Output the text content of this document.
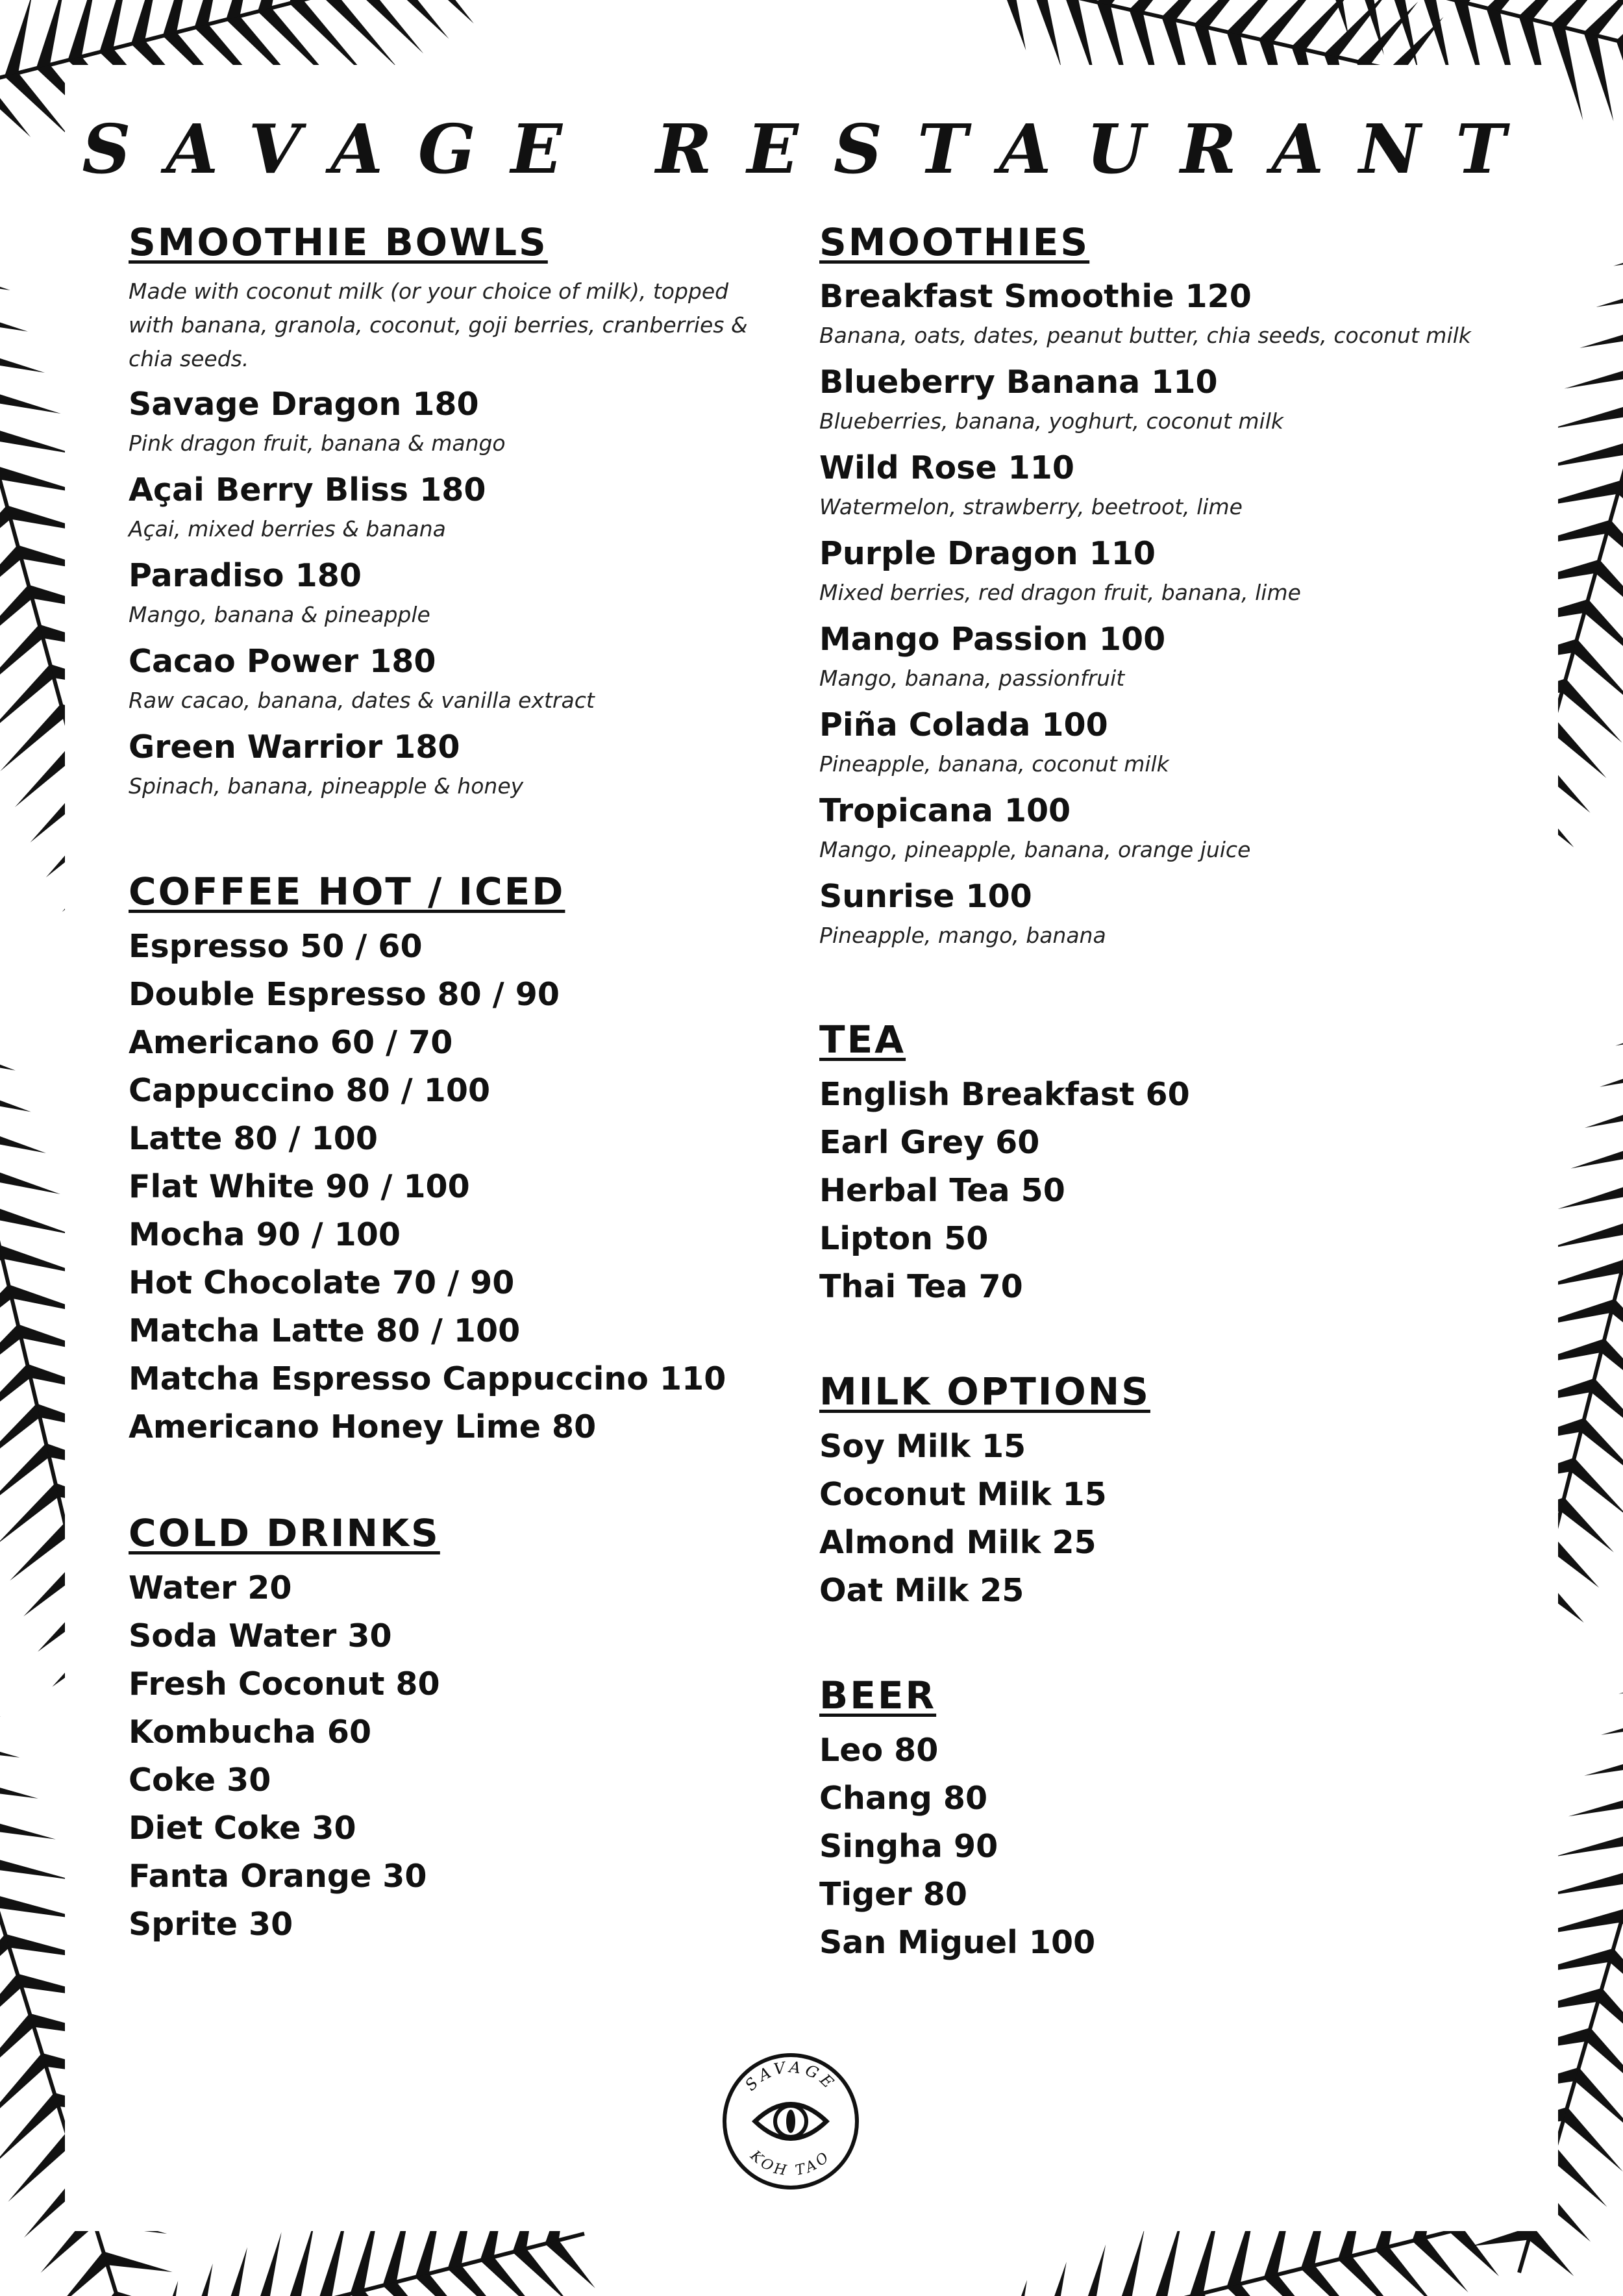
SAVAGE RESTAURANT
SMOOTHIE BOWLS
Made with coconut milk (or your choice of milk), topped with banana, granola, coconut, goji berries, cranberries & chia seeds.
Savage Dragon 180
Pink dragon fruit, banana & mango
Açai Berry Bliss 180
Açai, mixed berries & banana
Paradiso 180
Mango, banana & pineapple
Cacao Power 180
Raw cacao, banana, dates & vanilla extract
Green Warrior 180
Spinach, banana, pineapple & honey
COFFEE HOT / ICED
Espresso 50 / 60
Double Espresso 80 / 90
Americano 60 / 70
Cappuccino 80 / 100
Latte 80 / 100
Flat White 90 / 100
Mocha 90 / 100
Hot Chocolate 70 / 90
Matcha Latte 80 / 100
Matcha Espresso Cappuccino 110
Americano Honey Lime 80
COLD DRINKS
Water 20
Soda Water 30
Fresh Coconut 80
Kombucha 60
Coke 30
Diet Coke 30
Fanta Orange 30
Sprite 30
SMOOTHIES
Breakfast Smoothie 120
Banana, oats, dates, peanut butter, chia seeds, coconut milk
Blueberry Banana 110
Blueberries, banana, yoghurt, coconut milk
Wild Rose 110
Watermelon, strawberry, beetroot, lime
Purple Dragon 110
Mixed berries, red dragon fruit, banana, lime
Mango Passion 100
Mango, banana, passionfruit
Piña Colada 100
Pineapple, banana, coconut milk
Tropicana 100
Mango, pineapple, banana, orange juice
Sunrise 100
Pineapple, mango, banana
TEA
English Breakfast 60
Earl Grey 60
Herbal Tea 50
Lipton 50
Thai Tea 70
MILK OPTIONS
Soy Milk 15
Coconut Milk 15
Almond Milk 25
Oat Milk 25
BEER
Leo 80
Chang 80
Singha 90
Tiger 80
San Miguel 100
SAVAGE
KOH TAO
